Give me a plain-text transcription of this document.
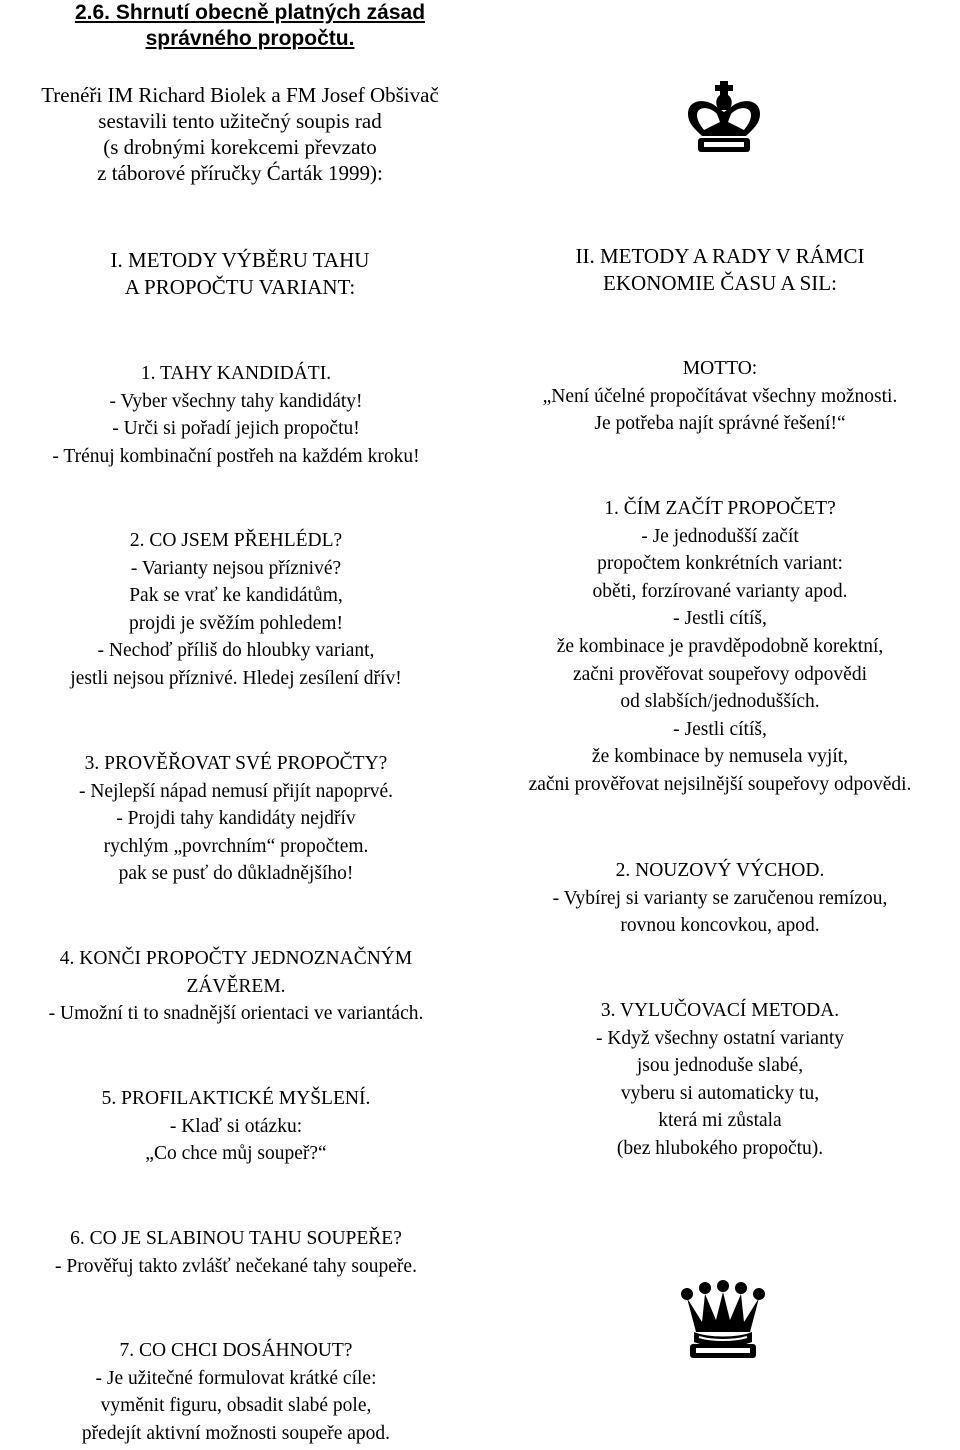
2.6. Shrnutí obecně platných zásad
správného propočtu.
Trenéři IM Richard Biolek a FM Josef Obšivač
sestavili tento užitečný soupis rad
(s drobnými korekcemi převzato
z táborové příručky Ćarták 1999):
I. METODY VÝBĚRU TAHU
A PROPOČTU VARIANT:
II. METODY A RADY V RÁMCI
EKONOMIE ČASU A SIL:
1. TAHY KANDIDÁTI.
- Vyber všechny tahy kandidáty!
- Urči si pořadí jejich propočtu!
- Trénuj kombinační postřeh na každém kroku!
2. CO JSEM PŘEHLÉDL?
- Varianty nejsou příznivé?
Pak se vrať ke kandidátům,
projdi je svěžím pohledem!
- Nechoď příliš do hloubky variant,
jestli nejsou příznivé. Hledej zesílení dřív!
3. PROVĚŘOVAT SVÉ PROPOČTY?
- Nejlepší nápad nemusí přijít napoprvé.
- Projdi tahy kandidáty nejdřív
rychlým „povrchním“ propočtem.
pak se pusť do důkladnějšího!
4. KONČI PROPOČTY JEDNOZNAČNÝM
ZÁVĚREM.
- Umožní ti to snadnější orientaci ve variantách.
5. PROFILAKTICKÉ MYŠLENÍ.
- Klaď si otázku:
„Co chce můj soupeř?“
6. CO JE SLABINOU TAHU SOUPEŘE?
- Prověřuj takto zvlášť nečekané tahy soupeře.
7. CO CHCI DOSÁHNOUT?
- Je užitečné formulovat krátké cíle:
vyměnit figuru, obsadit slabé pole,
předejít aktivní možnosti soupeře apod.
MOTTO:
„Není účelné propočítávat všechny možnosti.
Je potřeba najít správné řešení!“
1. ČÍM ZAČÍT PROPOČET?
- Je jednodušší začít
propočtem konkrétních variant:
oběti, forzírované varianty apod.
- Jestli cítíš,
že kombinace je pravděpodobně korektní,
začni prověřovat soupeřovy odpovědi
od slabších/jednodušších.
- Jestli cítíš,
že kombinace by nemusela vyjít,
začni prověřovat nejsilnější soupeřovy odpovědi.
2. NOUZOVÝ VÝCHOD.
- Vybírej si varianty se zaručenou remízou,
rovnou koncovkou, apod.
3. VYLUČOVACÍ METODA.
- Když všechny ostatní varianty
jsou jednoduše slabé,
vyberu si automaticky tu,
která mi zůstala
(bez hlubokého propočtu).
